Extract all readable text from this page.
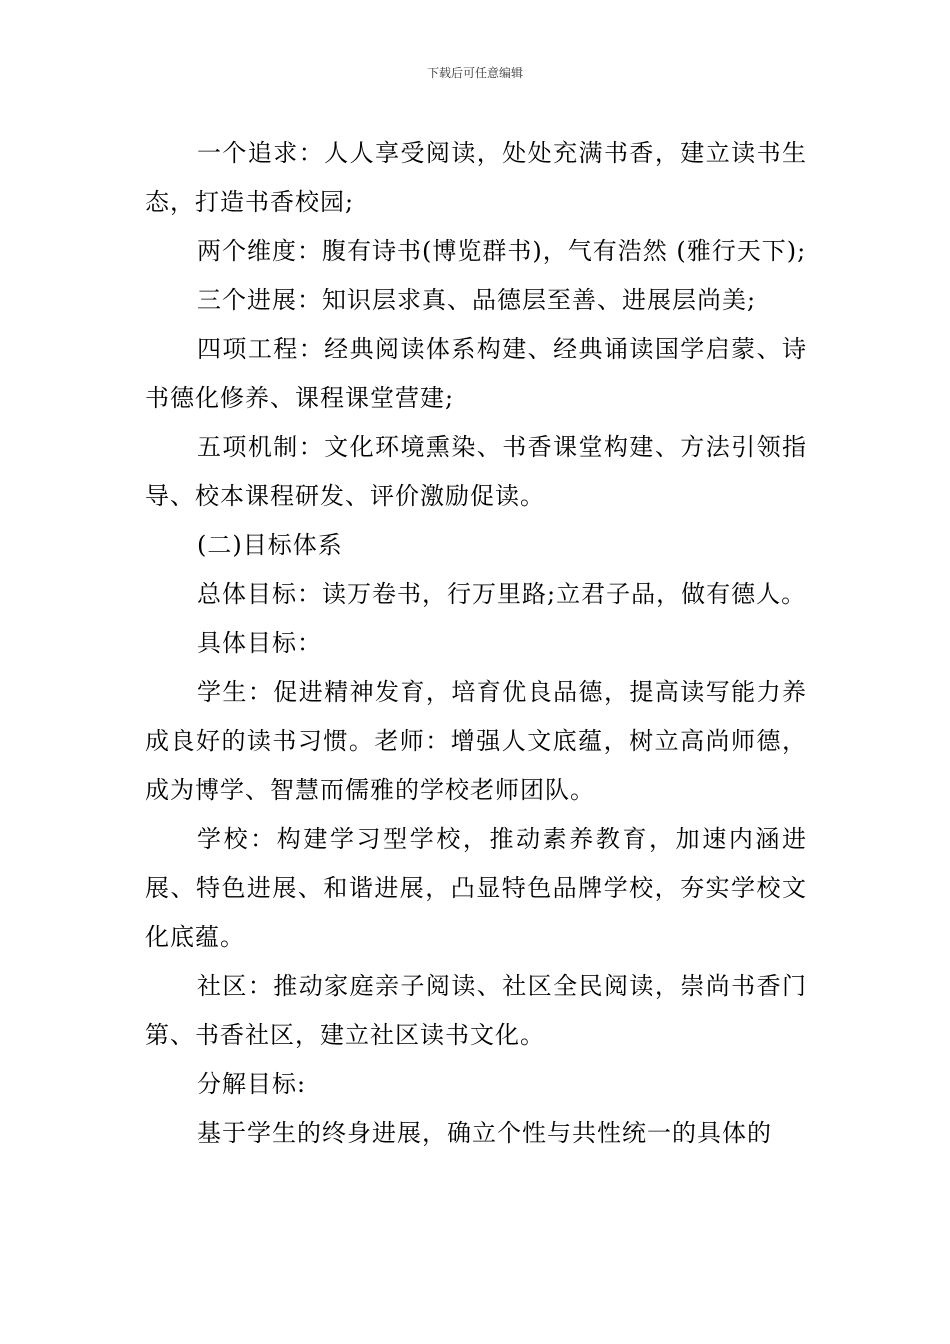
下载后可任意编辑

一个追求：人人享受阅读，处处充满书香，建立读书生态，打造书香校园;

两个维度：腹有诗书(博览群书)，气有浩然 (雅行天下);

三个进展：知识层求真、品德层至善、进展层尚美;

四项工程：经典阅读体系构建、经典诵读国学启蒙、诗书德化修养、课程课堂营建;

五项机制：文化环境熏染、书香课堂构建、方法引领指导、校本课程研发、评价激励促读。

(二)目标体系

总体目标：读万卷书，行万里路;立君子品，做有德人。

具体目标：

学生：促进精神发育，培育优良品德，提高读写能力养成良好的读书习惯。老师：增强人文底蕴，树立高尚师德，成为博学、智慧而儒雅的学校老师团队。

学校：构建学习型学校，推动素养教育，加速内涵进展、特色进展、和谐进展，凸显特色品牌学校，夯实学校文化底蕴。

社区：推动家庭亲子阅读、社区全民阅读，崇尚书香门第、书香社区，建立社区读书文化。

分解目标:

基于学生的终身进展，确立个性与共性统一的具体的
